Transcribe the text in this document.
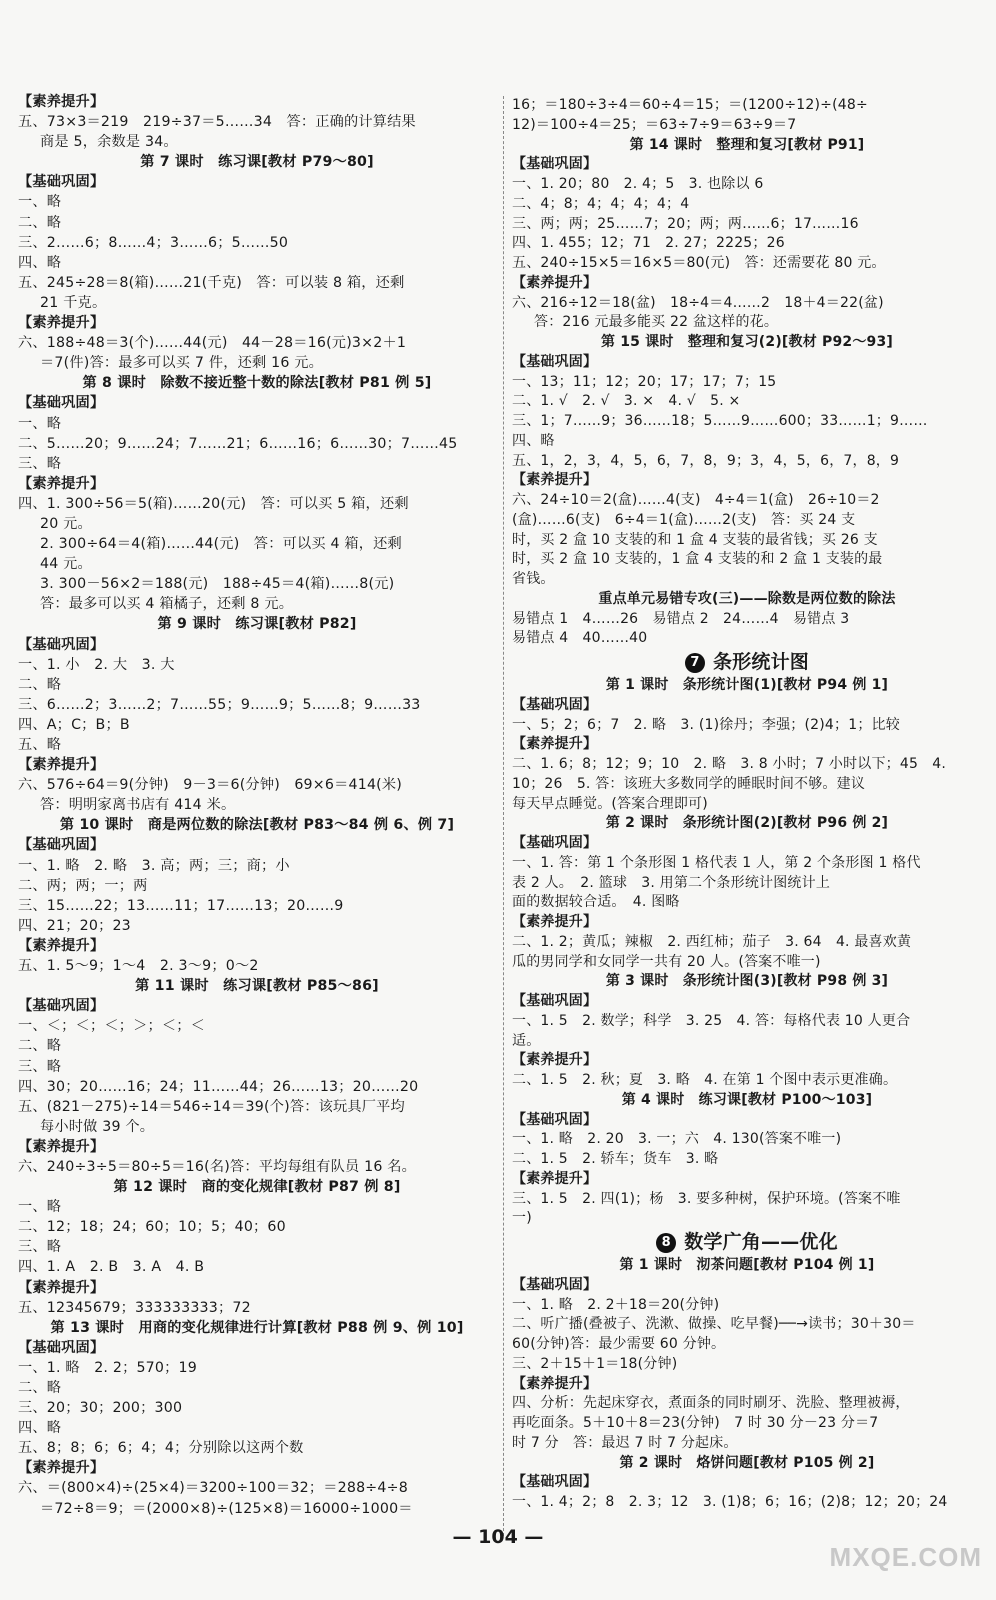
【素养提升】
五、73×3＝219　219÷37＝5……34　答：正确的计算结果
商是 5，余数是 34。
第 7 课时　练习课[教材 P79～80]
【基础巩固】
一、略
二、略
三、2……6；8……4；3……6；5……50
四、略
五、245÷28＝8(箱)……21(千克)　答：可以装 8 箱，还剩
21 千克。
【素养提升】
六、188÷48＝3(个)……44(元)　44－28＝16(元)3×2＋1
＝7(件)答：最多可以买 7 件，还剩 16 元。
第 8 课时　除数不接近整十数的除法[教材 P81 例 5]
【基础巩固】
一、略
二、5……20；9……24；7……21；6……16；6……30；7……45
三、略
【素养提升】
四、1. 300÷56＝5(箱)……20(元)　答：可以买 5 箱，还剩
20 元。
2. 300÷64＝4(箱)……44(元)　答：可以买 4 箱，还剩
44 元。
3. 300－56×2＝188(元)　188÷45＝4(箱)……8(元)
答：最多可以买 4 箱橘子，还剩 8 元。
第 9 课时　练习课[教材 P82]
【基础巩固】
一、1. 小　2. 大　3. 大
二、略
三、6……2；3……2；7……55；9……9；5……8；9……33
四、A；C；B；B
五、略
【素养提升】
六、576÷64＝9(分钟)　9－3＝6(分钟)　69×6＝414(米)
答：明明家离书店有 414 米。
第 10 课时　商是两位数的除法[教材 P83～84 例 6、例 7]
【基础巩固】
一、1. 略　2. 略　3. 高；两；三；商；小
二、两；两；一；两
三、15……22；13……11；17……13；20……9
四、21；20；23
【素养提升】
五、1. 5～9；1～4　2. 3～9；0～2
第 11 课时　练习课[教材 P85～86]
【基础巩固】
一、＜；＜；＜；＞；＜；＜
二、略
三、略
四、30；20……16；24；11……44；26……13；20……20
五、(821－275)÷14＝546÷14＝39(个)答：该玩具厂平均
每小时做 39 个。
【素养提升】
六、240÷3÷5＝80÷5＝16(名)答：平均每组有队员 16 名。
第 12 课时　商的变化规律[教材 P87 例 8]
一、略
二、12；18；24；60；10；5；40；60
三、略
四、1. A　2. B　3. A　4. B
【素养提升】
五、12345679；333333333；72
第 13 课时　用商的变化规律进行计算[教材 P88 例 9、例 10]
【基础巩固】
一、1. 略　2. 2；570；19
二、略
三、20；30；200；300
四、略
五、8；8；6；6；4；4；分别除以这两个数
【素养提升】
六、＝(800×4)÷(25×4)＝3200÷100＝32；＝288÷4÷8
＝72÷8＝9；＝(2000×8)÷(125×8)＝16000÷1000＝
16；＝180÷3÷4＝60÷4＝15；＝(1200÷12)÷(48÷
12)＝100÷4＝25；＝63÷7÷9＝63÷9＝7
第 14 课时　整理和复习[教材 P91]
【基础巩固】
一、1. 20；80　2. 4；5　3. 也除以 6
二、4；8；4；4；4；4；4
三、两；两；25……7；20；两；两……6；17……16
四、1. 455；12；71　2. 27；2225；26
五、240÷15×5＝16×5＝80(元)　答：还需要花 80 元。
【素养提升】
六、216÷12＝18(盆)　18÷4＝4……2　18＋4＝22(盆)
答：216 元最多能买 22 盆这样的花。
第 15 课时　整理和复习(2)[教材 P92～93]
【基础巩固】
一、13；11；12；20；17；17；7；15
二、1. √　2. √　3. ×　4. √　5. ×
三、1；7……9；36……18；5……9……600；33……1；9……
四、略
五、1，2，3，4，5，6，7，8，9；3，4，5，6，7，8，9
【素养提升】
六、24÷10＝2(盒)……4(支)　4÷4＝1(盒)　26÷10＝2
(盒)……6(支)　6÷4＝1(盒)……2(支)　答：买 24 支
时，买 2 盒 10 支装的和 1 盒 4 支装的最省钱；买 26 支
时，买 2 盒 10 支装的，1 盒 4 支装的和 2 盒 1 支装的最
省钱。
重点单元易错专攻(三)——除数是两位数的除法
易错点 1　4……26　易错点 2　24……4　易错点 3
易错点 4　40……40
7 条形统计图
第 1 课时　条形统计图(1)[教材 P94 例 1]
【基础巩固】
一、5；2；6；7　2. 略　3. (1)徐丹；李强；(2)4；1；比较
【素养提升】
二、1. 6；8；12；9；10　2. 略　3. 8 小时；7 小时以下；45　4.
10；26　5. 答：该班大多数同学的睡眠时间不够。建议
每天早点睡觉。(答案合理即可)
第 2 课时　条形统计图(2)[教材 P96 例 2]
【基础巩固】
一、1. 答：第 1 个条形图 1 格代表 1 人，第 2 个条形图 1 格代
表 2 人。　2. 篮球　3. 用第二个条形统计图统计上
面的数据较合适。　4. 图略
【素养提升】
二、1. 2；黄瓜；辣椒　2. 西红柿；茄子　3. 64　4. 最喜欢黄
瓜的男同学和女同学一共有 20 人。(答案不唯一)
第 3 课时　条形统计图(3)[教材 P98 例 3]
【基础巩固】
一、1. 5　2. 数学；科学　3. 25　4. 答：每格代表 10 人更合
适。
【素养提升】
二、1. 5　2. 秋；夏　3. 略　4. 在第 1 个图中表示更准确。
第 4 课时　练习课[教材 P100～103]
【基础巩固】
一、1. 略　2. 20　3. 一；六　4. 130(答案不唯一)
二、1. 5　2. 轿车；货车　3. 略
【素养提升】
三、1. 5　2. 四(1)；杨　3. 要多种树，保护环境。(答案不唯
一)
8 数学广角——优化
第 1 课时　沏茶问题[教材 P104 例 1]
【基础巩固】
一、1. 略　2. 2＋18＝20(分钟)
二、听广播(叠被子、洗漱、做操、吃早餐)──→读书；30＋30＝
60(分钟)答：最少需要 60 分钟。
三、2＋15＋1＝18(分钟)
【素养提升】
四、分析：先起床穿衣，煮面条的同时刷牙、洗脸、整理被褥，
再吃面条。5＋10＋8＝23(分钟)　7 时 30 分－23 分＝7
时 7 分　答：最迟 7 时 7 分起床。
第 2 课时　烙饼问题[教材 P105 例 2]
【基础巩固】
一、1. 4；2；8　2. 3；12　3. (1)8；6；16；(2)8；12；20；24
— 104 —
MXQE.COM
